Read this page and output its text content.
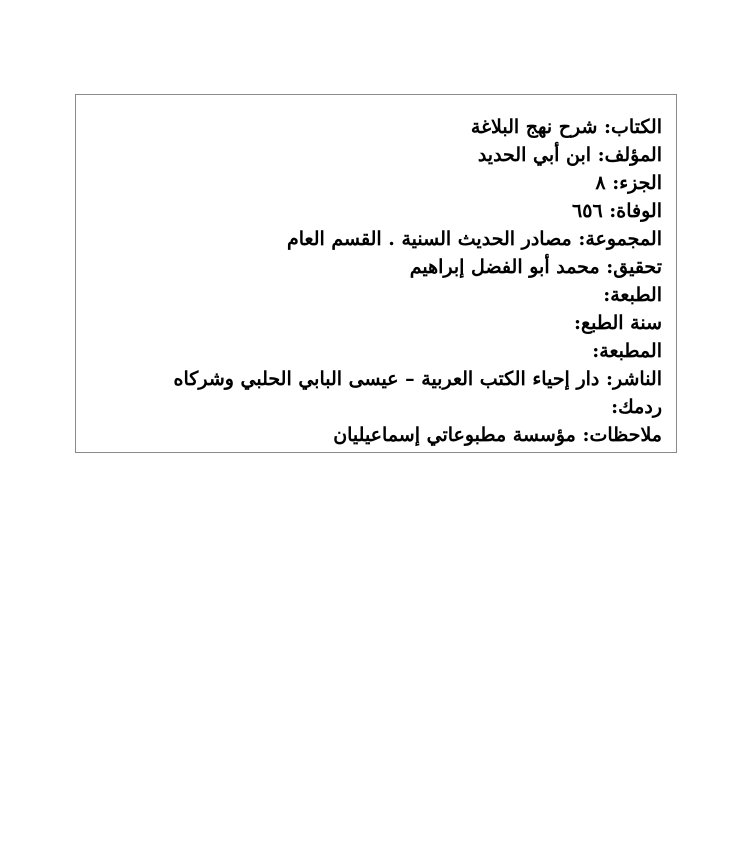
الكتاب: شرح نهج البلاغة
المؤلف: ابن أبي الحديد
الجزء: ٨
الوفاة: ٦٥٦
المجموعة: مصادر الحديث السنية . القسم العام
تحقيق: محمد أبو الفضل إبراهيم
الطبعة:
سنة الطبع:
المطبعة:
الناشر: دار إحياء الكتب العربية – عيسى البابي الحلبي وشركاه
ردمك:
ملاحظات: مؤسسة مطبوعاتي إسماعيليان
